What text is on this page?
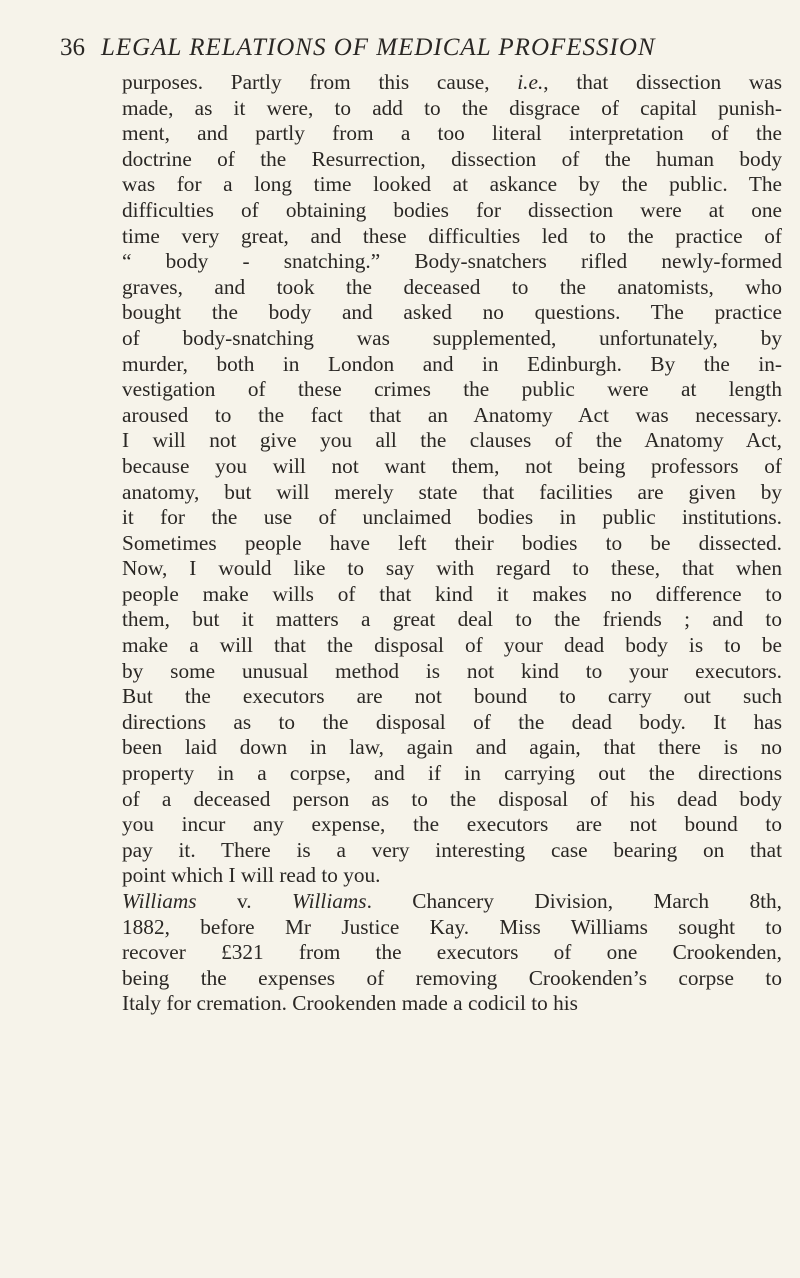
36 LEGAL RELATIONS OF MEDICAL PROFESSION
purposes. Partly from this cause, i.e., that dissection was
made, as it were, to add to the disgrace of capital punish-
ment, and partly from a too literal interpretation of the
doctrine of the Resurrection, dissection of the human body
was for a long time looked at askance by the public. The
difficulties of obtaining bodies for dissection were at one
time very great, and these difficulties led to the practice of
“ body - snatching.” Body-snatchers rifled newly-formed
graves, and took the deceased to the anatomists, who
bought the body and asked no questions. The practice
of body-snatching was supplemented, unfortunately, by
murder, both in London and in Edinburgh. By the in-
vestigation of these crimes the public were at length
aroused to the fact that an Anatomy Act was necessary.
I will not give you all the clauses of the Anatomy Act,
because you will not want them, not being professors of
anatomy, but will merely state that facilities are given by
it for the use of unclaimed bodies in public institutions.
Sometimes people have left their bodies to be dissected.
Now, I would like to say with regard to these, that when
people make wills of that kind it makes no difference to
them, but it matters a great deal to the friends ; and to
make a will that the disposal of your dead body is to be
by some unusual method is not kind to your executors.
But the executors are not bound to carry out such
directions as to the disposal of the dead body. It has
been laid down in law, again and again, that there is no
property in a corpse, and if in carrying out the directions
of a deceased person as to the disposal of his dead body
you incur any expense, the executors are not bound to
pay it. There is a very interesting case bearing on that
point which I will read to you.
Williams v. Williams. Chancery Division, March 8th,
1882, before Mr Justice Kay. Miss Williams sought to
recover £321 from the executors of one Crookenden,
being the expenses of removing Crookenden’s corpse to
Italy for cremation. Crookenden made a codicil to his
